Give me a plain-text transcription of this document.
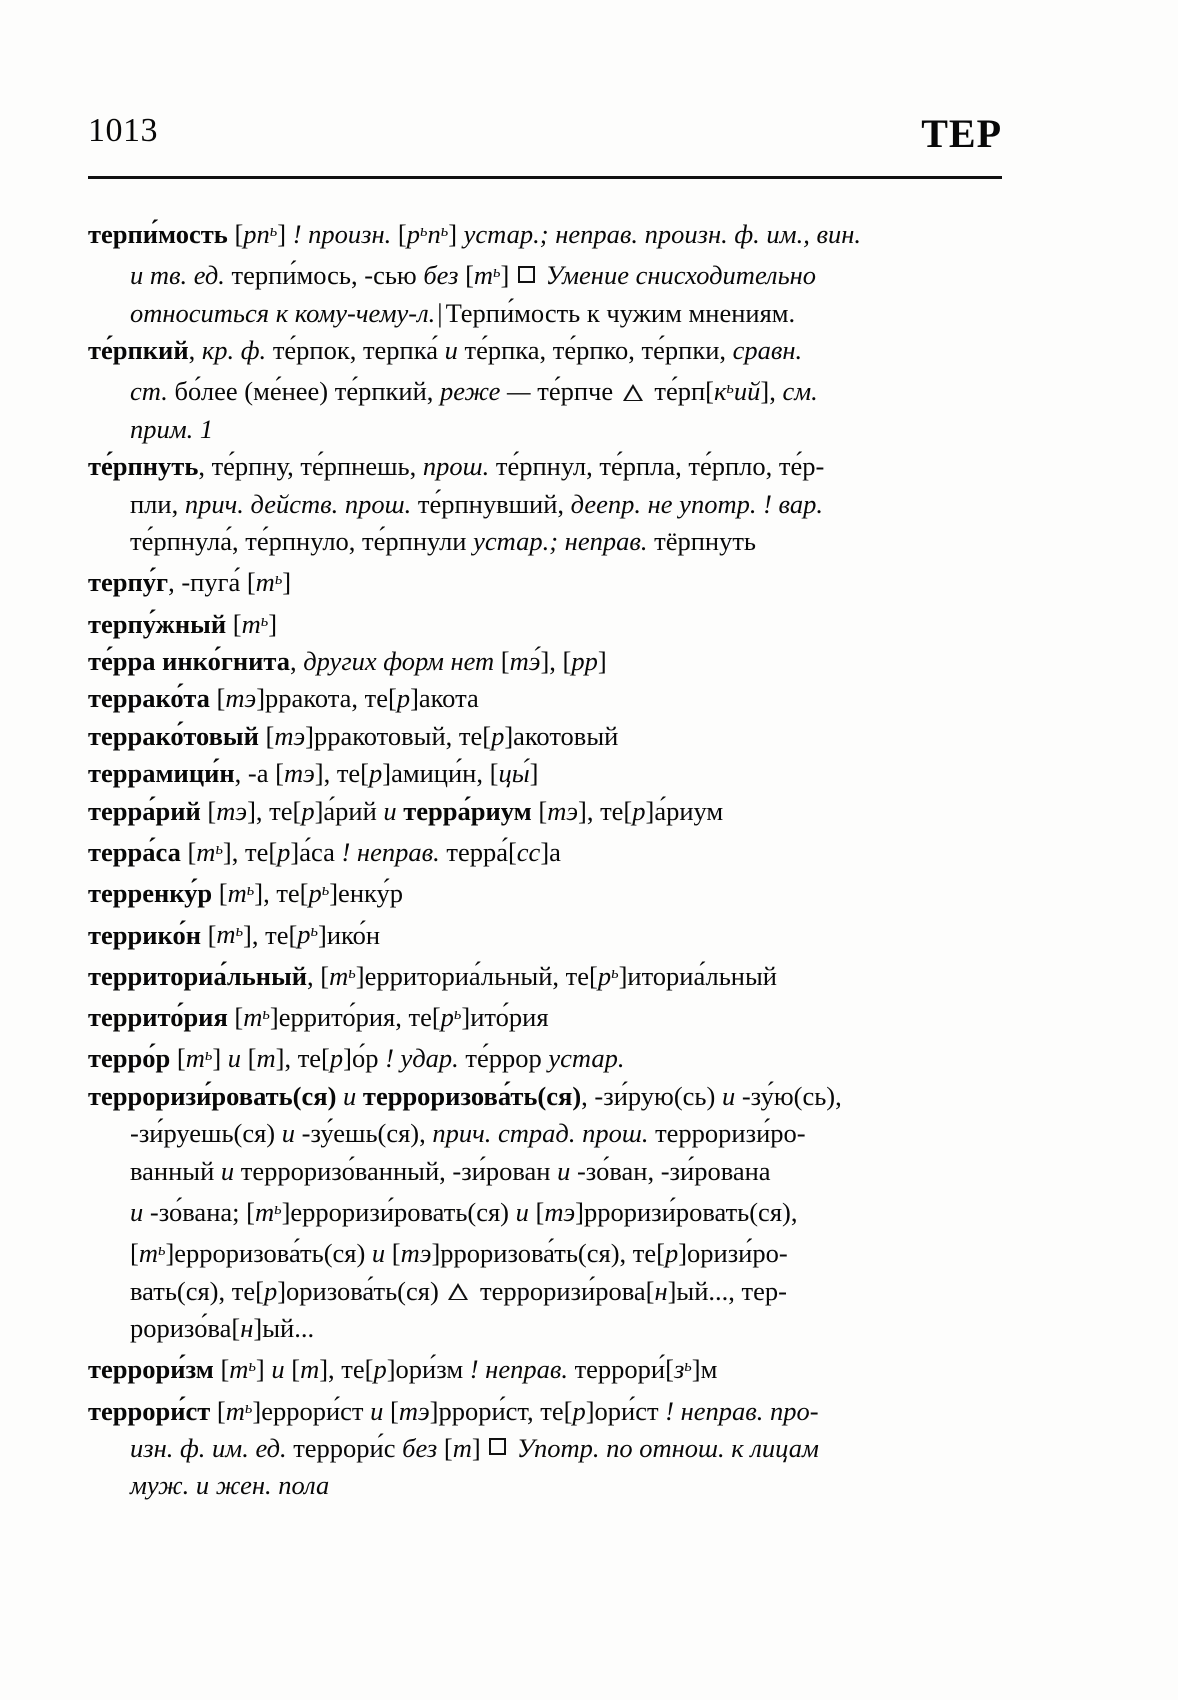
1013	ТЕР
терпи́мость $[рп^ь]$ ! произн. $[р^ьп^ь]$ устар.; неправ. произн. ф. им., вин.
и тв. ед. терпи́мось, -сью без $[т^ь]$  Умение снисходительно
относиться к кому-чему-л.| Терпи́мость к чужим мнениям.
те́рпкий, кр. ф. те́рпок, терпка́ и те́рпка, те́рпко, те́рпки, сравн.
ст. бо́лее (ме́нее) те́рпкий, реже — те́рпче  $те́рп[к^ьий]$, см.
прим. 1
те́рпнуть, те́рпну, те́рпнешь, прош. те́рпнул, те́рпла, те́рпло, те́р-
пли, прич. действ. прош. те́рпнувший, деепр. не употр. ! вар.
те́рпнула́, те́рпнуло, те́рпнули устар.; неправ. тёрпнуть
терпу́г, -пуга́ $[т^ь]$
терпу́жный $[т^ь]$
те́рра инко́гнита, других форм нет [тэ́], [рр]
террако́та [тэ]рракота, те[р]акота
террако́товый [тэ]рракотовый, те[р]акотовый
террамици́н, -а [тэ], те[р]амици́н, [цы́]
терра́рий [тэ], те[р]а́рий и терра́риум [тэ], те[р]а́риум
терра́са $[т^ь]$, те[р]а́са ! неправ. терра́[сс]а
терренку́р $[т^ь]$, $те[р^ь]енку́р$
террико́н $[т^ь]$, $те[р^ь]ико́н$
территориа́льный, $[т^ь]ерриториа́льный$, $те[р^ь]иториа́льный$
террито́рия $[т^ь]еррито́рия$, $те[р^ь]ито́рия$
терро́р $[т^ь]$ и [т], те[р]о́р ! удар. те́ррор устар.
терроризи́ровать(ся) и терроризова́ть(ся), -зи́рую(сь) и -зу́ю(сь),
-зи́руешь(ся) и -зу́ешь(ся), прич. страд. прош. терроризи́ро-
ванный и терроризо́ванный, -зи́рован и -зо́ван, -зи́рована
и -зо́вана; $[т^ь]ерроризи́ровать(ся)$ и [тэ]рроризи́ровать(ся),
$[т^ь]ерроризова́ть(ся)$ и [тэ]рроризова́ть(ся), те[р]оризи́ро-
вать(ся), те[р]оризова́ть(ся)  терроризи́рова[н]ый..., тер-
роризо́ва[н]ый...
террори́зм $[т^ь]$ и [т], те[р]ори́зм ! неправ. $террори́[з^ь]м$
террори́ст $[т^ь]еррори́ст$ и [тэ]ррори́ст, те[р]ори́ст ! неправ. про-
изн. ф. им. ед. террори́с без [т]  Употр. по отнош. к лицам
муж. и жен. пола
